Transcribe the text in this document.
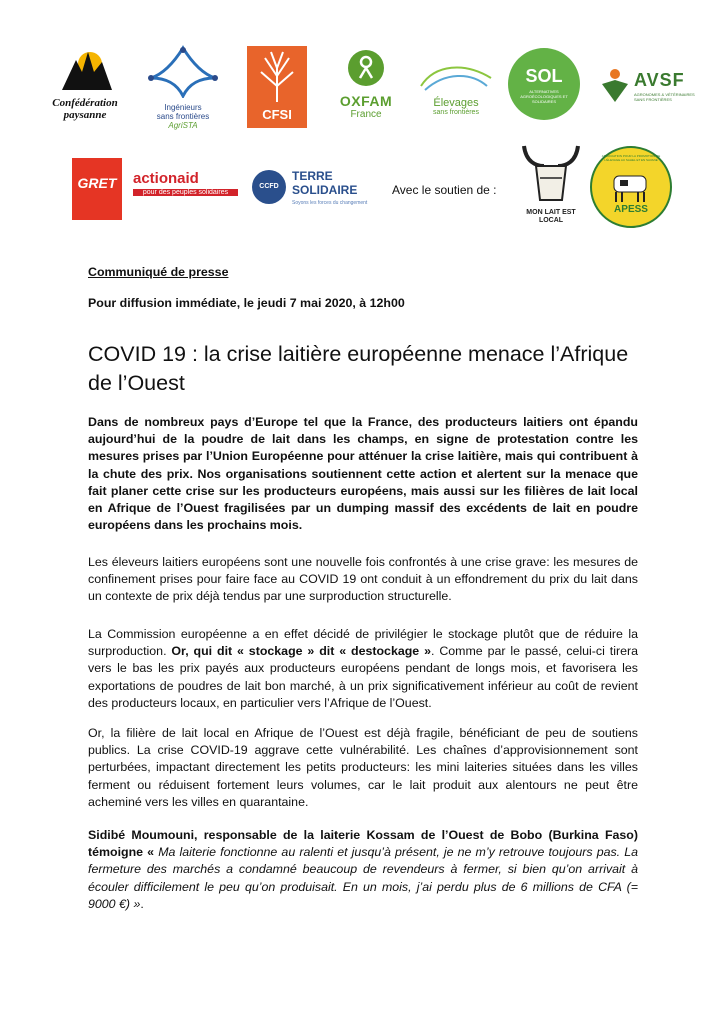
Confédération paysanne
Ingénieurs
sans frontières
AgriSTA
CFSI
OXFAM
France
Élevages
sans frontières
SOL
ALTERNATIVES AGROÉCOLOGIQUES ET SOLIDAIRES
AVSF
AGRONOMES & VÉTÉRINAIRES SANS FRONTIÈRES
GRET	actionaid
pour des peuples solidaires
CCFD
TERRE
SOLIDAIRE
Soyons les forces du changement
Avec le soutien de :
MON LAIT EST LOCAL
APESS
ASSOCIATION POUR LA PROMOTION DE L'ÉLEVAGE AU SAHEL ET EN SAVANE
Communiqué de presse
Pour diffusion immédiate, le jeudi 7 mai 2020, à 12h00
COVID 19 : la crise laitière européenne menace l’Afrique de l’Ouest
Dans de nombreux pays d’Europe tel que la France, des producteurs laitiers ont épandu aujourd’hui de la poudre de lait dans les champs, en signe de protestation contre les mesures prises par l’Union Européenne pour atténuer la crise laitière, mais qui contribuent à la chute des prix. Nos organisations soutiennent cette action et alertent sur la menace que fait planer cette crise sur les producteurs européens, mais aussi sur les filières de lait local en Afrique de l’Ouest fragilisées par un dumping massif des excédents de lait en poudre européens dans les prochains mois.
Les éleveurs laitiers européens sont une nouvelle fois confrontés à une crise grave: les mesures de confinement prises pour faire face au COVID 19 ont conduit à un effondrement du prix du lait dans un contexte de prix déjà tendus par une surproduction structurelle.
La Commission européenne a en effet décidé de privilégier le stockage plutôt que de réduire la surproduction. Or, qui dit « stockage » dit « destockage ». Comme par le passé, celui-ci tirera vers le bas les prix payés aux producteurs européens pendant de longs mois, et favorisera les exportations de poudres de lait bon marché, à un prix significativement inférieur au coût de revient des producteurs locaux, en particulier vers l’Afrique de l’Ouest.
Or, la filière de lait local en Afrique de l’Ouest est déjà fragile, bénéficiant de peu de soutiens publics. La crise COVID-19 aggrave cette vulnérabilité. Les chaînes d’approvisionnement sont perturbées, impactant directement les petits producteurs: les mini laiteries situées dans les villes ferment ou réduisent fortement leurs volumes, car le lait produit aux alentours ne peut être acheminé vers les villes en quarantaine.
Sidibé Moumouni, responsable de la laiterie Kossam de l’Ouest de Bobo (Burkina Faso) témoigne « Ma laiterie fonctionne au ralenti et jusqu’à présent, je ne m’y retrouve toujours pas. La fermeture des marchés a condamné beaucoup de revendeurs à fermer, si bien qu’on arrivait à écouler difficilement le peu qu’on produisait. En un mois, j’ai perdu plus de 6 millions de CFA (= 9000 €) ».
